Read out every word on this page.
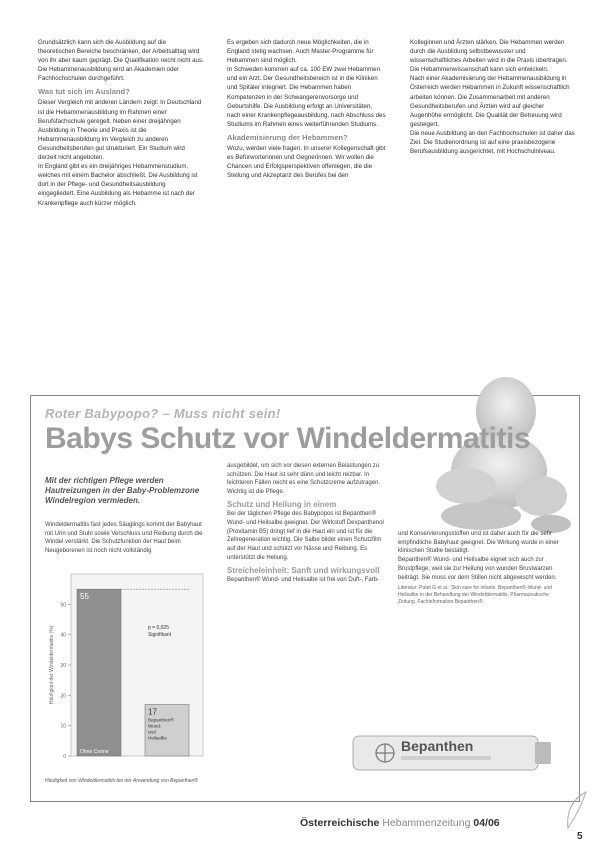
Grundsätzlich kann sich die Ausbildung auf die theoretischen Bereiche beschränken, der Arbeitsalltag wird von ihr aber kaum geprägt. Die Qualifikation reicht nicht aus. Die Hebammenausbildung wird an Akademien oder Fachhochschulen durchgeführt.

Was tut sich im Ausland?

Dieser Vergleich mit anderen Ländern zeigt: In Deutschland ist die Hebammenausbildung im Rahmen einer Berufsfachschule geregelt. Neben einer dreijährigen Ausbildung in Theorie und Praxis ist die Hebammenausbildung im Vergleich zu anderen Gesundheitsberufen gut strukturiert. Ein Studium wird derzeit nicht angeboten.

In England gibt es ein dreijähriges Hebammenstudium, welches mit einem Bachelor abschließt. Die Ausbildung ist dort in der Pflege- und Gesundheitsausbildung eingegliedert. Eine Ausbildung als Hebamme ist nach der Krankenpflege auch kürzer möglich.

Es ergeben sich dadurch neue Möglichkeiten, die in England stetig wachsen. Auch Master-Programme für Hebammen sind möglich.

In Schweden kommen auf ca. 100 EW zwei Hebammen und ein Arzt. Der Gesundheitsbereich ist in die Kliniken und Spitäler integriert. Die Hebammen haben Kompetenzen in der Schwangerenvorsorge und Geburtshilfe. Die Ausbildung erfolgt an Universitäten, nach einer Krankenpflegeausbildung, nach Abschluss des Studiums im Rahmen eines weiterführenden Studiums.

Akademisierung der Hebammen?

Wozu, werden viele fragen. In unserer Kollegenschaft gibt es Befürworterinnen und Gegnerinnen. Wir wollen die Chancen und Erfolgsperspektiven offenlegen, die die Stellung und Akzeptanz des Berufes bei den

Kolleginnen und Ärzten stärken. Die Hebammen werden durch die Ausbildung selbstbewusster und wissenschaftliches Arbeiten wird in die Praxis übertragen. Die Hebammenwissenschaft kann sich entwickeln.

Nach einer Akademisierung der Hebammenausbildung in Österreich werden Hebammen in Zukunft wissenschaftlich arbeiten können. Die Zusammenarbeit mit anderen Gesundheitsberufen und Ärzten wird auf gleicher Augenhöhe ermöglicht. Die Qualität der Betreuung wird gesteigert.

Die neue Ausbildung an den Fachhochschulen ist daher das Ziel. Die Studienordnung ist auf eine praxisbezogene Berufsausbildung ausgerichtet, mit Hochschulniveau.

Roter Babypopo? – Muss nicht sein!
Babys Schutz vor Windeldermatitis
Mit der richtigen Pflege werden Hautreizungen in der Baby-Problemzone Windelregion vermieden.

Windeldermatitis fast jedes Säuglings kommt der Babyhaut mit Urin und Stuhl sowie Verschluss und Reibung durch die Windel verstärkt. Die Schutzfunktion der Haut beim Neugeborenen ist noch nicht vollständig

50
40
30
20
10
0
Häufigkeit der Windeldermatitis (%)
55
17
Ohne Creme
Bepanthen® Wund-und Heilsalbe
p = 0,025 Signifikant
Häufigkeit von Windeldermatitis bei der Anwendung von Bepanthen®

ausgebildet, um sich vor diesen externen Belastungen zu schützen. Die Haut ist sehr dünn und leicht reizbar. In leichteren Fällen reicht es eine Schutzcreme aufzutragen. Wichtig ist die Pflege.

Schutz und Heilung in einem

Bei der täglichen Pflege des Babypopos ist Bepanthen® Wund- und Heilsalbe geeignet. Der Wirkstoff Dexpanthenol (Provitamin B5) dringt tief in die Haut ein und ist für die Zellregeneration wichtig. Die Salbe bildet einen Schutzfilm auf der Haut und schützt vor Nässe und Reibung. Es unterstützt die Heilung.

Streicheleinheit: Sanft und wirkungsvoll

Bepanthen® Wund- und Heilsalbe ist frei von Duft-, Farb-

und Konservierungsstoffen und ist daher auch für die sehr empfindliche Babyhaut geeignet. Die Wirkung wurde in einer klinischen Studie bestätigt.

Bepanthen® Wund- und Heilsalbe eignet sich auch zur Brustpflege, weil sie zur Heilung von wunden Brustwarzen beiträgt. Sie muss vor dem Stillen nicht abgewischt werden.

Literatur: Putet G et al.: Skin care for infants. Bepanthen®-Wund- und Heilsalbe in der Behandlung der Windeldermatitis. Pharmazeutische Zeitung. Fachinformation Bepanthen®.
Bepanthen
Österreichische Hebammenzeitung 04/06
5
